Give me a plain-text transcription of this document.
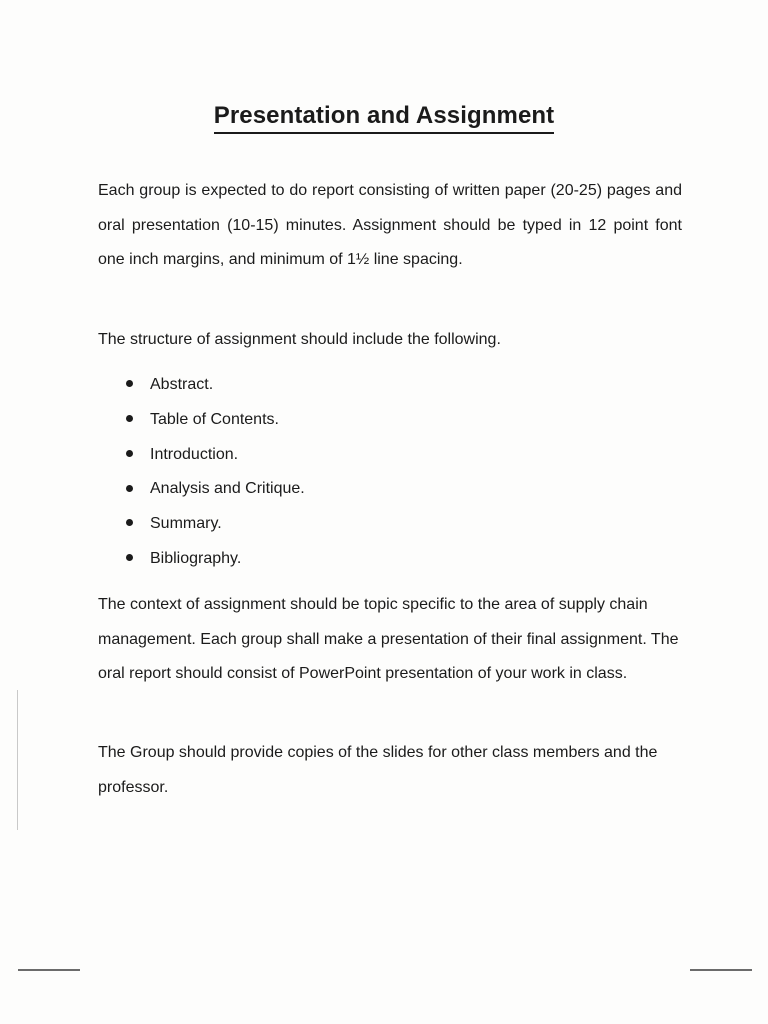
Presentation and Assignment

Each group is expected to do report consisting of written paper (20-25) pages and oral presentation (10-15) minutes. Assignment should be typed in 12 point font one inch margins, and minimum of 1½ line spacing.

The structure of assignment should include the following.

Abstract.
Table of Contents.
Introduction.
Analysis and Critique.
Summary.
Bibliography.

The context of assignment should be topic specific to the area of supply chain management. Each group shall make a presentation of their final assignment. The oral report should consist of PowerPoint presentation of your work in class.

The Group should provide copies of the slides for other class members and the professor.
